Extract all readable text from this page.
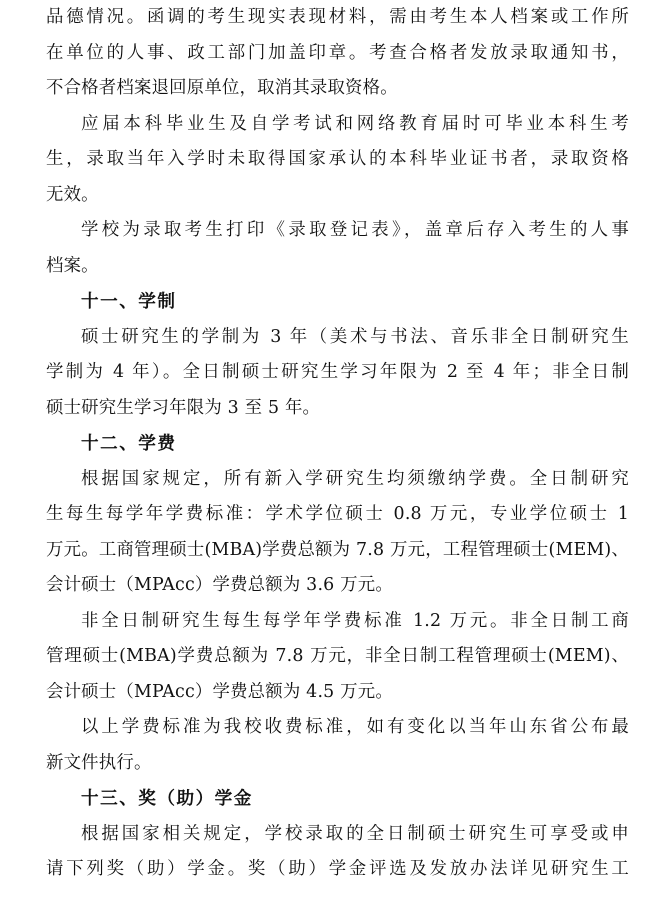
品德情况。函调的考生现实表现材料，需由考生本人档案或工作所
在单位的人事、政工部门加盖印章。考查合格者发放录取通知书，
不合格者档案退回原单位，取消其录取资格。
应届本科毕业生及自学考试和网络教育届时可毕业本科生考
生，录取当年入学时未取得国家承认的本科毕业证书者，录取资格
无效。
学校为录取考生打印《录取登记表》，盖章后存入考生的人事
档案。
十一、学制
硕士研究生的学制为 3 年（美术与书法、音乐非全日制研究生
学制为 4 年）。全日制硕士研究生学习年限为 2 至 4 年；非全日制
硕士研究生学习年限为 3 至 5 年。
十二、学费
根据国家规定，所有新入学研究生均须缴纳学费。全日制研究
生每生每学年学费标准：学术学位硕士 0.8 万元，专业学位硕士 1
万元。工商管理硕士(MBA)学费总额为 7.8 万元，工程管理硕士(MEM)、
会计硕士（MPAcc）学费总额为 3.6 万元。
非全日制研究生每生每学年学费标准 1.2 万元。非全日制工商
管理硕士(MBA)学费总额为 7.8 万元，非全日制工程管理硕士(MEM)、
会计硕士（MPAcc）学费总额为 4.5 万元。
以上学费标准为我校收费标准，如有变化以当年山东省公布最
新文件执行。
十三、奖（助）学金
根据国家相关规定，学校录取的全日制硕士研究生可享受或申
请下列奖（助）学金。奖（助）学金评选及发放办法详见研究生工
